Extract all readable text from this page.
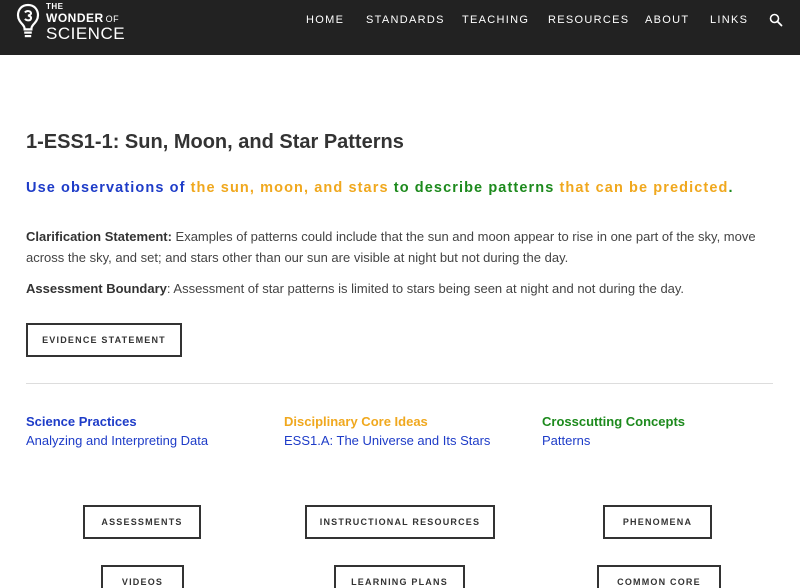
THE
WONDER OF
SCIENCE
HOME STANDARDS TEACHING RESOURCES ABOUT LINKS
1-ESS1-1: Sun, Moon, and Star Patterns
Use observations of the sun, moon, and stars to describe patterns that can be predicted.

Clarification Statement: Examples of patterns could include that the sun and moon appear to rise in one part of the sky, move across the sky, and set; and stars other than our sun are visible at night but not during the day.

Assessment Boundary: Assessment of star patterns is limited to stars being seen at night and not during the day.

EVIDENCE STATEMENT
Science Practices
Analyzing and Interpreting Data
Disciplinary Core Ideas
ESS1.A: The Universe and Its Stars
Crosscutting Concepts
Patterns
ASSESSMENTS	INSTRUCTIONAL RESOURCES	PHENOMENA
VIDEOS	LEARNING PLANS	COMMON CORE
